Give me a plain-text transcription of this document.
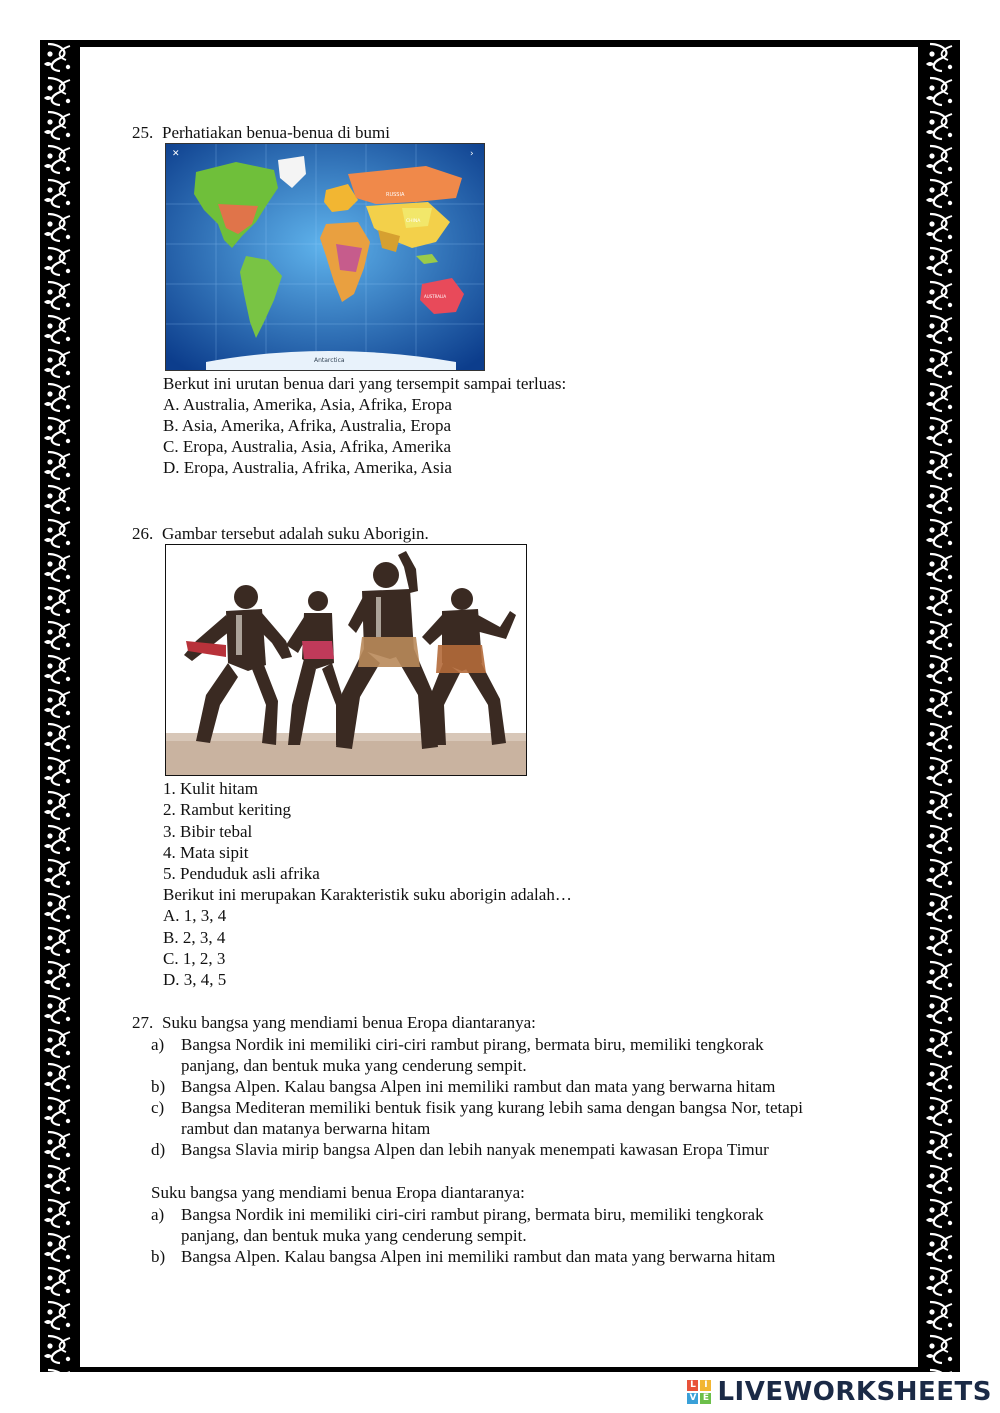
25. Perhatiakan benua-benua di bumi
RUSSIA
CHINA
AUSTRALIA
Antarctica
✕	›
Berkut ini urutan benua dari yang tersempit sampai terluas:
A. Australia, Amerika, Asia, Afrika, Eropa
B. Asia, Amerika, Afrika, Australia, Eropa
C. Eropa, Australia, Asia, Afrika, Amerika
D. Eropa, Australia, Afrika, Amerika, Asia
26. Gambar tersebut adalah suku Aborigin.
1. Kulit hitam
2. Rambut keriting
3. Bibir tebal
4. Mata sipit
5. Penduduk asli afrika
Berikut ini merupakan Karakteristik suku aborigin adalah…
A. 1, 3, 4
B. 2, 3, 4
C. 1, 2, 3
D. 3, 4, 5
27. Suku bangsa yang mendiami benua Eropa diantaranya:
a) Bangsa Nordik ini memiliki ciri-ciri rambut pirang, bermata biru, memiliki tengkorak
panjang, dan bentuk muka yang cenderung sempit.
b) Bangsa Alpen. Kalau bangsa Alpen ini memiliki rambut dan mata yang berwarna hitam
c) Bangsa Mediteran memiliki bentuk fisik yang kurang lebih sama dengan bangsa Nor, tetapi
rambut dan matanya berwarna hitam
d) Bangsa Slavia mirip bangsa Alpen dan lebih nanyak menempati kawasan Eropa Timur
Suku bangsa yang mendiami benua Eropa diantaranya:
a) Bangsa Nordik ini memiliki ciri-ciri rambut pirang, bermata biru, memiliki tengkorak
panjang, dan bentuk muka yang cenderung sempit.
b) Bangsa Alpen. Kalau bangsa Alpen ini memiliki rambut dan mata yang berwarna hitam
L I
V E LIVEWORKSHEETS
